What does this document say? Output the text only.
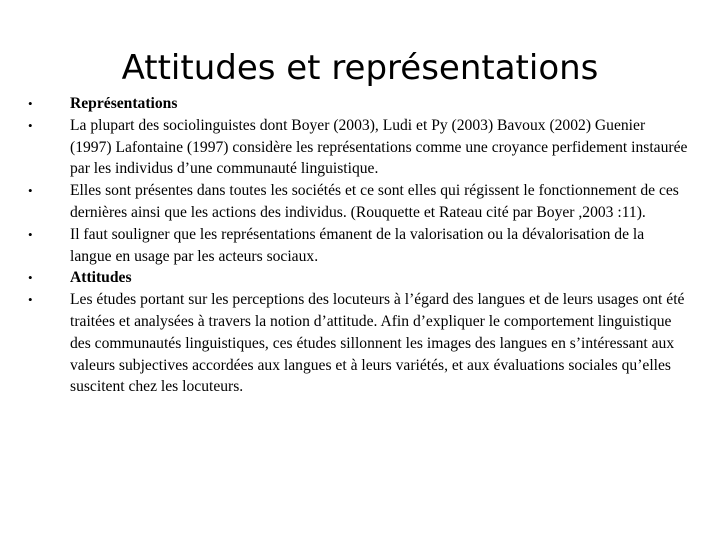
Attitudes et représentations
•	Représentations
•	La plupart des sociolinguistes dont Boyer (2003), Ludi et Py (2003) Bavoux (2002) Guenier (1997) Lafontaine (1997) considère les représentations comme une croyance perfidement instaurée par les individus d’une communauté linguistique.
•	Elles sont présentes dans toutes les sociétés et ce sont elles qui régissent le fonctionnement de ces dernières ainsi que les actions des individus. (Rouquette et Rateau cité par Boyer ,2003 :11).
•	Il faut souligner que les représentations émanent de la valorisation ou la dévalorisation de la langue en usage par les acteurs sociaux.
•	Attitudes
•	Les études portant sur les perceptions des locuteurs à l’égard des langues et de leurs usages ont été traitées et analysées à travers la notion d’attitude. Afin d’expliquer le comportement linguistique des communautés linguistiques, ces études sillonnent les images des langues en s’intéressant aux valeurs subjectives accordées aux langues et à leurs variétés, et aux évaluations sociales qu’elles suscitent chez les locuteurs.
